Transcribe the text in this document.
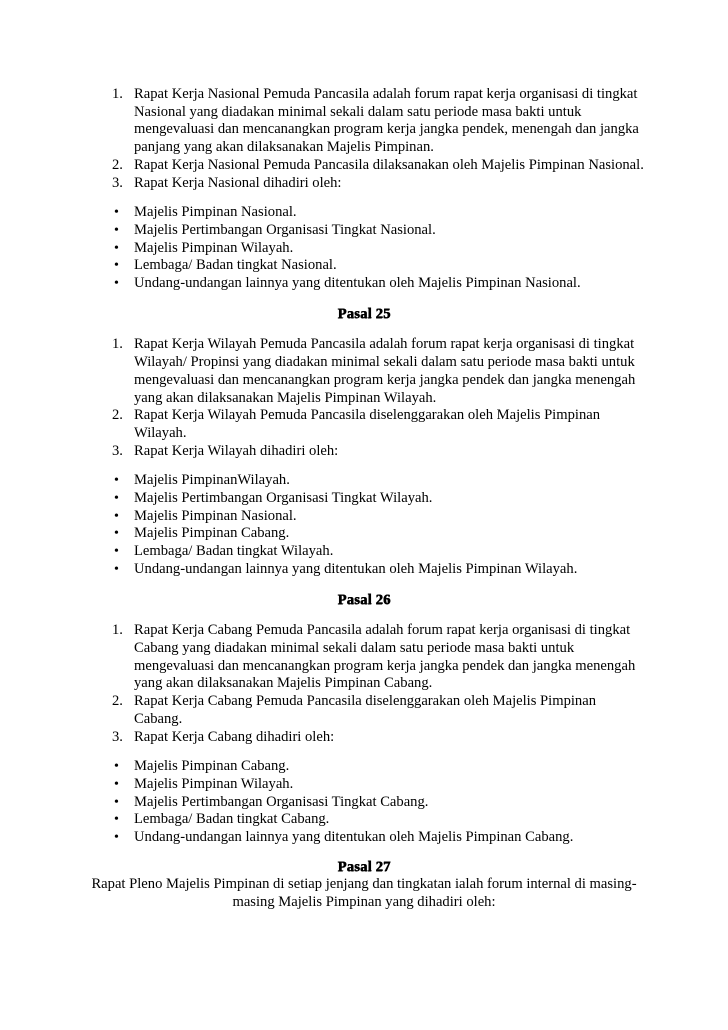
1. Rapat Kerja Nasional Pemuda Pancasila adalah forum rapat kerja organisasi di tingkat Nasional yang diadakan minimal sekali dalam satu periode masa bakti untuk mengevaluasi dan mencanangkan program kerja jangka pendek, menengah dan jangka panjang yang akan dilaksanakan Majelis Pimpinan.
2. Rapat Kerja Nasional Pemuda Pancasila dilaksanakan oleh Majelis Pimpinan Nasional.
3. Rapat Kerja Nasional dihadiri oleh:
• Majelis Pimpinan Nasional.
• Majelis Pertimbangan Organisasi Tingkat Nasional.
• Majelis Pimpinan Wilayah.
• Lembaga/ Badan tingkat Nasional.
• Undang-undangan lainnya yang ditentukan oleh Majelis Pimpinan Nasional.
Pasal 25
1. Rapat Kerja Wilayah Pemuda Pancasila adalah forum rapat kerja organisasi di tingkat Wilayah/ Propinsi yang diadakan minimal sekali dalam satu periode masa bakti untuk mengevaluasi dan mencanangkan program kerja jangka pendek dan jangka menengah yang akan dilaksanakan Majelis Pimpinan Wilayah.
2. Rapat Kerja Wilayah Pemuda Pancasila diselenggarakan oleh Majelis Pimpinan Wilayah.
3. Rapat Kerja Wilayah dihadiri oleh:
• Majelis PimpinanWilayah.
• Majelis Pertimbangan Organisasi Tingkat Wilayah.
• Majelis Pimpinan Nasional.
• Majelis Pimpinan Cabang.
• Lembaga/ Badan tingkat Wilayah.
• Undang-undangan lainnya yang ditentukan oleh Majelis Pimpinan Wilayah.
Pasal 26
1. Rapat Kerja Cabang Pemuda Pancasila adalah forum rapat kerja organisasi di tingkat Cabang yang diadakan minimal sekali dalam satu periode masa bakti untuk mengevaluasi dan mencanangkan program kerja jangka pendek dan jangka menengah yang akan dilaksanakan Majelis Pimpinan Cabang.
2. Rapat Kerja Cabang Pemuda Pancasila diselenggarakan oleh Majelis Pimpinan Cabang.
3. Rapat Kerja Cabang dihadiri oleh:
• Majelis Pimpinan Cabang.
• Majelis Pimpinan Wilayah.
• Majelis Pertimbangan Organisasi Tingkat Cabang.
• Lembaga/ Badan tingkat Cabang.
• Undang-undangan lainnya yang ditentukan oleh Majelis Pimpinan Cabang.
Pasal 27
Rapat Pleno Majelis Pimpinan di setiap jenjang dan tingkatan ialah forum internal di masing-masing Majelis Pimpinan yang dihadiri oleh:
